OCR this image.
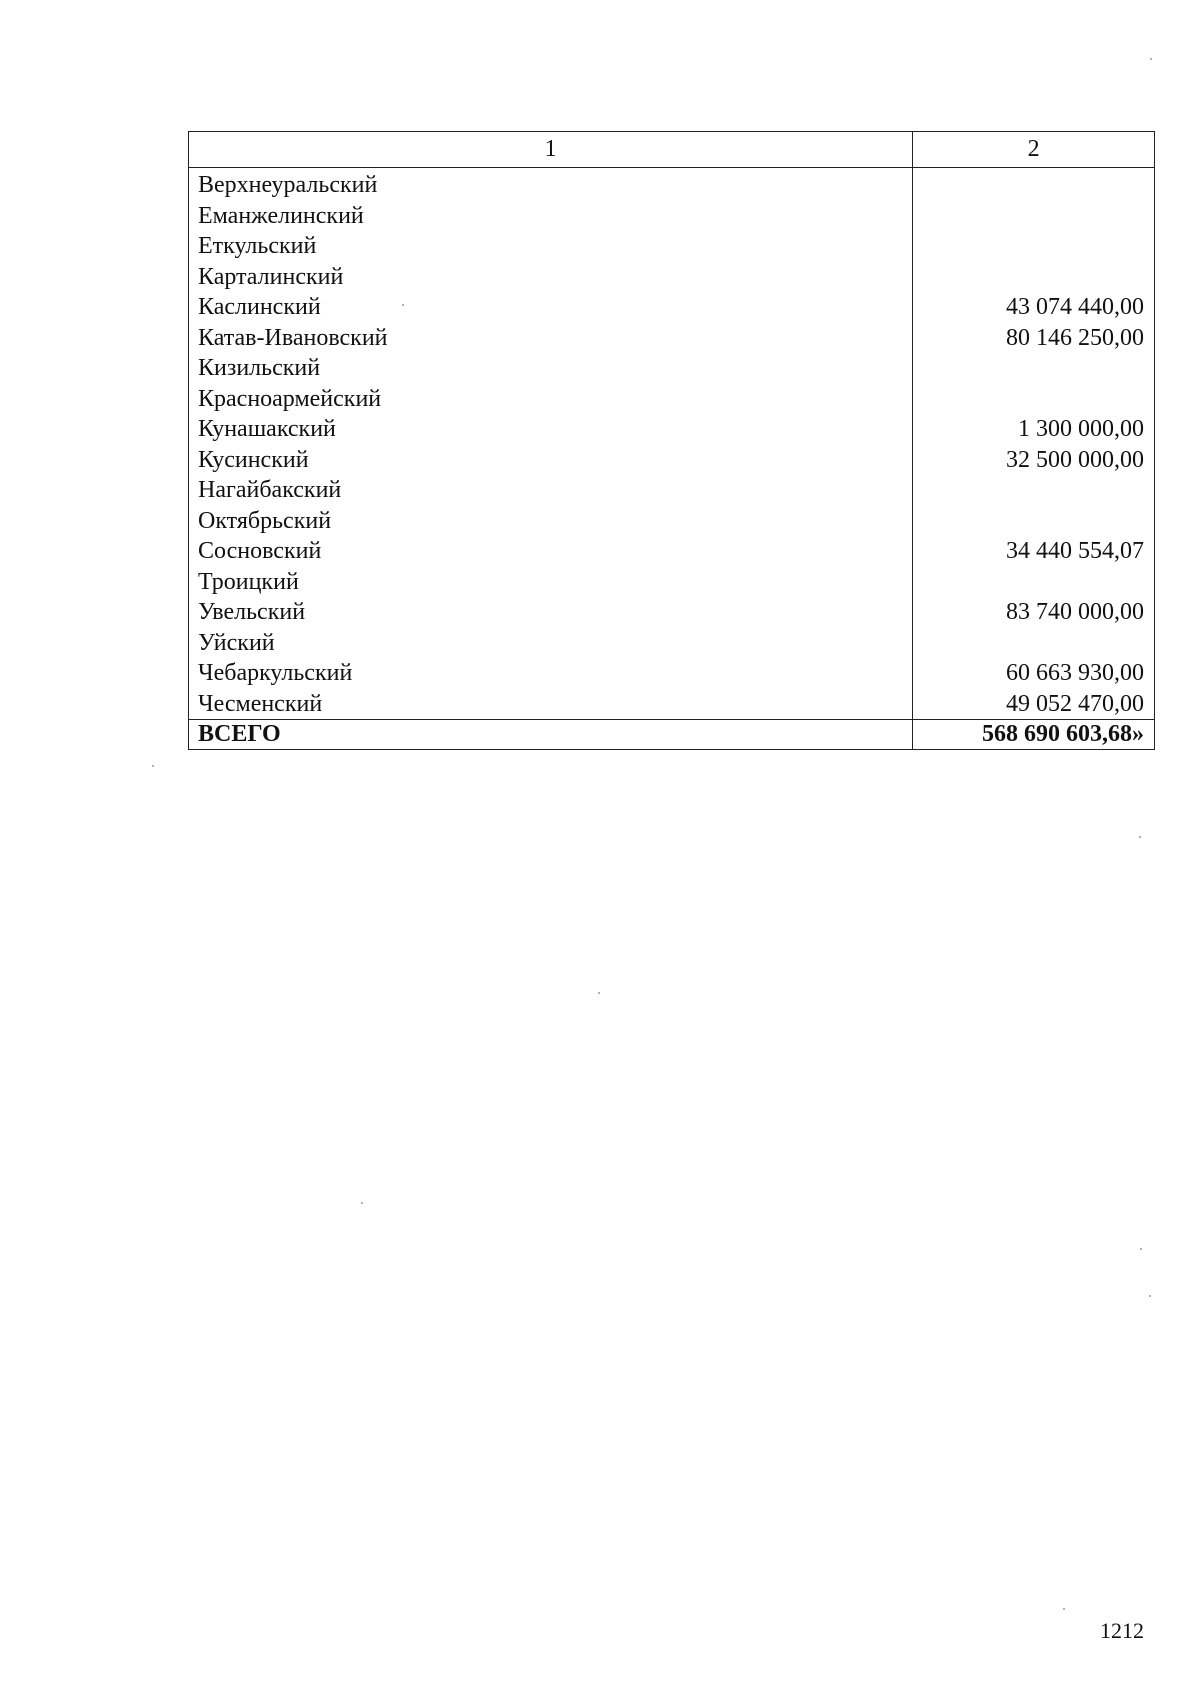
1	2
Верхнеуральский	
Еманжелинский	
Еткульский	
Карталинский	
Каслинский	43 074 440,00
Катав-Ивановский	80 146 250,00
Кизильский	
Красноармейский	
Кунашакский	1 300 000,00
Кусинский	32 500 000,00
Нагайбакский	
Октябрьский	
Сосновский	34 440 554,07
Троицкий	
Увельский	83 740 000,00
Уйский	
Чебаркульский	60 663 930,00
Чесменский	49 052 470,00
ВСЕГО	568 690 603,68»
1212
